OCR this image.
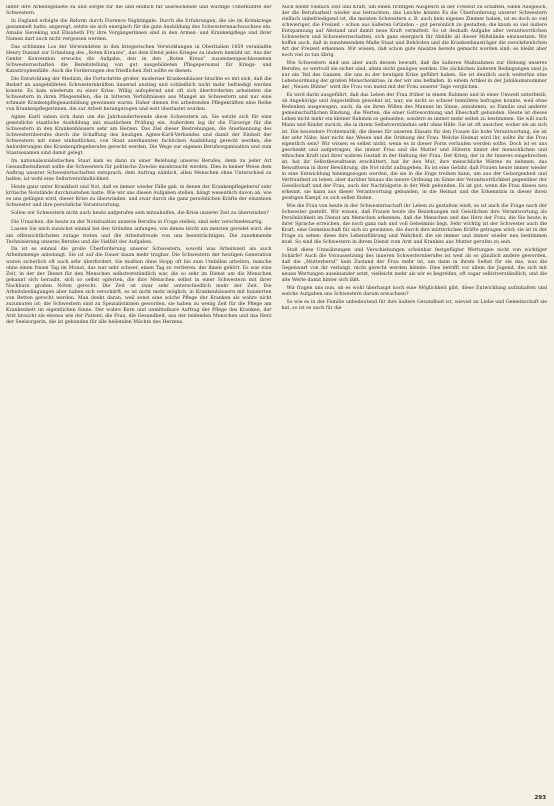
unter ihre Arbeitsgebiete zu und sorgte für die und endlich für ausreichende und würdige Unterkünfte der Schwestern.

In England erfolgte die Reform durch Florence Nightingale. Durch die Erfahrungen, die sie im Krimkriege gesammelt hatte, angeregt, setzte sie sich energisch für die gute Ausbildung des Schwesternnachwuchses ein. Amalie Sieveking und Elisabeth Fry ihre Vorgängerinnen sind in den Armen- und Krankenpflege und ihrer Namen darf auch nicht vergessen werden.

Das schlimme Los der Verwundeten in den kriegerischen Verwicklungen in Oberitalien 1859 veranlaßte Henry Dunant zur Gründung des „Roten Kreuzes“, das dem Elend jedes Krieges zu lindern bemüht ist. Aus der Genfer Konvention erwuchs die Aufgabe, den in den „Roten Kreuz“ zusammengeschlossenen Schwesternschaften die Bereitstellung von gut ausgebildeten Pflegepersonal für Kriegs- und Katastrophenfälle. Auch die Forderungen des friedlichen Zeit sollte es dienen.

Die Entwicklung der Medizin, die Fortschritte großer, moderner Krankenhäuser brachte es mit sich, daß die Bedarf an ausgebildeten Schwesternkräften dauernd anstieg und schließlich nicht mehr befriedigt werden konnte. Es kam wiederum zu einer Krise. Willig aufopfernd und oft sich überforderten arbeiteten die Schwestern in ihren Pflegestellen, die in bitteren Verhältnissen aus Mangel an Schwestern und nur eine schmale Krankenpflegeausbildung gewonnen waren. Daher dienen frei arbeitenden Pflegekräften eine Reihe von Krankenpflegerinnen, die zur Arbeit herangezogen und weit überlastet wurden.

Agnes Karll sahen sich dann um die Jahrhundertwende diese Schwestern an. Sie setzte sich für eine gesetzliche staatliche Ausbildung mit staatlichem Prüfung ein. Außerdem lag ihr die Fürsorge für die Schwestern in den Krankenhäusern sehr am Herzen. Das Ziel dieser Bestrebungen, die Anerkennung des Schwesternberufes durch die Schaffung des heutigen Agnes-Karll-Verbandes und damit der Einheit der Schwestern mit einer einheitlichen, von Staat anerkannten fachlichen Ausbildung gerecht werden; die Anforderungen des Krankenpflegeberufes gerecht werden. Die Wege zur eigenen Berufsorganisation und zum Staatsexamen sind damit gelegt.

Im nationalsozialistischen Staat kam es dann zu einer Belebung unseres Berufes, denn zu jeder Art Gesundheitsdienst sollte die Schwestern für politische Zwecke missbraucht werden. Dies in keiner Weise dem Auftrag unserer Schwesternschaften entsprach, dem Auftrag nämlich, allen Menschen ohne Unterschied zu helfen, ist wohl eine Selbstverständlichkeit.

Heute ganz unter Krankheit und Not, daß es immer wieder Fälle gab, in denen der Krankenpflegeberuf sehr kritische Notstände durchzustehen hatte. Wie wir uns diesen Aufgaben stellen, hängt wesentlich davon ab, wie es uns gelingen wird, dieser Krise zu überwinden, und zwar durch die ganz persönlichen Kräfte der einzelnen Schwester und ihre persönliche Verantwortung.

Sollen wir Schwestern nicht auch heute aufgerufen sein mitzuhelfen, die Krise unserer Zeit zu überwinden?

Die Ursachen, die heute zu der Notsituation unseres Berufes in Frage stellen, sind sehr verschiedenartig.

Lassen Sie mich zunächst einmal bei den Gründen anfangen, von denen leicht am meisten geredet wird, die am offensichtlichsten zutage treten und die Arbeitsfreude von uns beeinträchtigen. Die zunehmende Technisierung unseres Berufes und die Vielfalt der Aufgaben.

Da ist es einmal die große Überforderung unserer Schwestern, sowohl was Arbeitszeit als auch Arbeitsmenge anbelangt. Sie ist auf die Dauer kaum mehr tragbar. Die Schwestern der heutigen Generation waren sicherlich oft auch sehr überfordert. Sie mußten ohne Stopp oft bis zum Umfallen arbeiten, manche ohne einen freien Tag im Monat, das war sehr schwer, einen Tag zu verlieren, der ihnen gehört. Es war eine Zeit, in der der Dienst für den Menschen selbstverständlich war, die so sehr im Dienst um die Menschen gekannt sich beraubt, sich so selbst opferten, die ihre Menschen selbst in einer Schwestern mit ihrer Nachbarn großen Nöten gerecht. Die Zeit ist zwar sehr unterschiedlich mehr der Zeit. Die Arbeitsbedingungen aber haben sich verschärft, es ist nicht mehr möglich, in Krankenhäusern mit hunderten von Betten gerecht werden. Man denkt daran, weil sonst eine solche Pflege der Kranken als wahre nicht zuzumuten ist; die Schwestern sind zu Spezialistinnen geworden, sie haben zu wenig Zeit für die Pflege am Krankenbett im eigentlichen Sinne. Der wahre Kern und unmittelbare Auftrag der Pflege des Kranken, der Arzt braucht sie ebenso wie der Patient; die Frau, die Gesundheit, aus der leidenden Menschen und das Herz der Seelsorgerin, die ist gebunden für alle heilenden Mächte des Herzens.

Auch bleibt vielfach Zeit und Kraft, um einen richtigen Ausgleich in der Freizeit zu schaffen, einen Ausgleich, der die Berufsarbeit wieder aus betrachten, das Leichte könnte Es die Überforderung unserer Schwestern vielfach unbefriedigend ist, die meisten Schwestern z. B. auch kein eigenes Zimmer haben, ist es doch so viel schwieriger, die Freizeit – schon aus äußeren Gründen – gut persönlich zu gestalten; die kaum so viel äußere Entspannung auf Abstand und damit neue Kraft vermittelt. So ist deshalb Aufgabe aller verantwortlichen Schwestern und Schwesternschaften, sich ganz energisch für Abhilfe all dieser Mißstände einzusetzen. Wir hoffen auch, daß in zunehmendem Maße Staat und Behörden und die Krankenhausträger die zweckdienlichen Art der Freizeit erkennen. Wir wissen, daß schon gute Ansätze bereits gemacht worden sind; es bleibt aber noch viel zu tun übrig.

Wie Schwestern sind uns aber auch dessen bewußt, daß die äußeren Maßnahmen zur Hebung unseres Berufes, so wertvoll sie sicher sind, allein nicht genügen werden. Die sächlichen äußeren Bedingungen sind ja nur ein Teil des Ganzen, die uns zu der heutigen Krise geführt haben. Sie ist deutlich auch weiterhin eine Lebensordnung der großen Menschenkrise, in der wir uns befinden. In einem Artikel in der Jubiläumsnummer der „Neuen Bühne“ wird die Frau von meist mit der Frau unserer Tage verglichen.

Es wird darin ausgeführt, daß das Leben der Frau früher in einem Rahmen und in einer Umwelt unterbleib, ob Angehörige und Angestellten gewohnt ist, war, sie nicht so schwer bemühtes befragen konnte, weil ohne Bedenken ausgewogen, auch, da sie ihren Willen des Mannes im Sinne, annahmen, so Familie und anderer gemeinschaftlichen Bindung, die Werten, die einer Gottesordnung und Eheschaft gebunden. Heute ist dieses Leben nicht mehr ein kleiner Rahmen so gebunden, sondern es immer mehr selbst zu bestimmen. Sie will auch Mann und Kinder zurück, die in ihrem Selbstverständnis sehr ohne Hilfe. Sie ist oft unsicher, woher sie an sich ist. Die besondere Problematik, die dieses für unseren Einsatz für den Frauen die hohe Verantwortung, sie ist der sehr Nähe, hier nicht das Wesen und die Ordnung der Frau. Welche Heimat wird ihr, sollte ihr die Frau eigentlich sein? Wir wissen es selbst nicht, wenn es in dieser Form verlaufen werden sollte. Doch ist es uns geschenkt und aufgetragen, die immer Frau und die Mutter und Hüterin hinter der menschlichen und ethischen Kraft und ihrer wahren Gestalt in der Haltung der Frau. Der Krieg, der in ihr Inneres eingebrochen ist, hat ihr Selbstbewußtsein erschüttert, hat ihr den Mut, ihre menschliche Wärme zu nehmen, das Bewußtsein in ihrer Bewährung, die Not nicht aufzugeben. Es ist eine Gefahr, daß Frauen heute immer wieder in eine Entwicklung hineingezogen werden, die sie in die Enge treiben kann, um aus der Geborgenheit und Vertrautheit zu leben, aber darüber hinaus die innere Ordnung im Sinne der Verantwortlichkeit gegenüber der Gesellschaft und der Frau, auch der Nachfolgerin in der Welt gebunden. Es ist gut, wenn die Frau dieses neu erkennt, sie kann aus dieser Verantwortung gebunden, in die Heimat und die Erkenntnis in dieser ihren geistigen Kampf, zu sich selbst finden.

Wie die Frau von heute in der Schwesternschaft ihr Leben zu gestalten weiß, so ist auch die Frage nach der Schwester gestellt. Wir wissen, daß Frauen heute die Beziehungen mit Geistlichen ihre Verantwortung als Persönlichkeit im Dienst am Menschen erkennen, daß die Menschen und das Herz der Frau, die Sie heute in ihrer Sprache erreichen, die noch ganz nah und voll Geheimnis liegt. Sehr wichtig ist der Schwester auch die Kraft, eine Gemeinschaft für sich zu gewinnen, die durch ihre mütterlichen Kräfte getragen wird; sie ist in der Frage zu sehen: diese ihre Lebensführung und Wahrheit, die sie immer und immer wieder neu bestimmen muß. So sind die Schwestern in ihrem Dienst vom Arzt und Kranken aus Mutter gerufen zu sein.

Stoß diese Umwälzungen und Verschiebungen scheinbar festgefügter Wertungen nicht von wichtiger Schärfe? Auch die Voraussetzung des inneren Schwesternberufes ist weit ab so gänzlich andere geworden, daß die „Mutterberuf“ kein Zustand der Frau mehr ist, um dann in ihrem Selbst für sie das, was die Gegenwart von ihr verlangt, nicht gerecht werden könnte. Dies betrifft vor allem die Jugend, die sich mit neuen Wertungen auseinander setzt, vielleicht mehr als wir es begreifen, oft sogar selbstverständlich, und die alte Werte damit hinter sich läßt.

Wir fragen uns nun, ob es wohl überhaupt noch eine Möglichkeit gibt, diese Entwicklung aufzuhalten und welche Aufgaben uns Schwestern darum erwachsen?

So wie es in der Familie unbedeutend für ihre äußere Gesundheit ist, wieviel an Liebe und Gemeinschaft sie hat, so ist es auch für die

293
